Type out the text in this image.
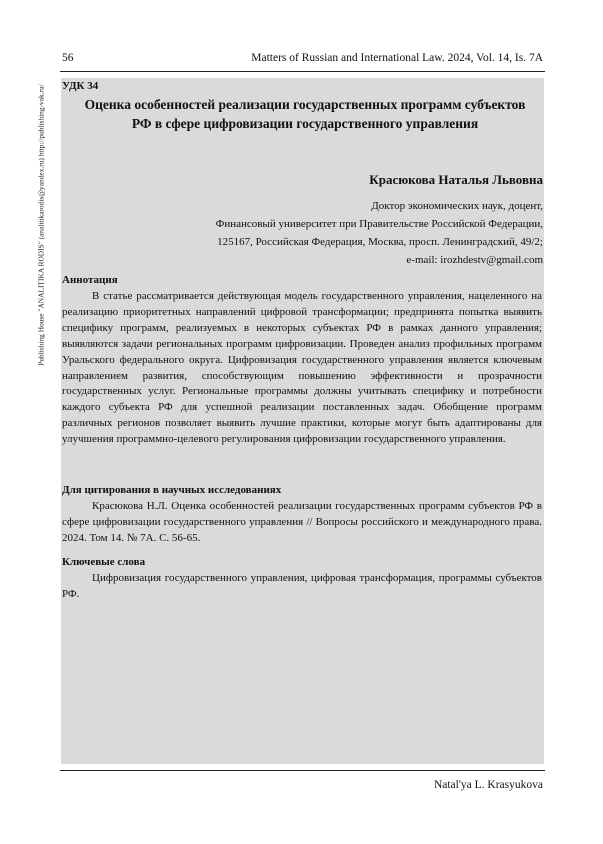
56	Matters of Russian and International Law. 2024, Vol. 14, Is. 7A
Publishing House "ANALITIKA RODIS" (analitikarodis@yandex.ru) http://publishing-vak.ru/ УДК 34
Оценка особенностей реализации государственных программ субъектов РФ в сфере цифровизации государственного управления
Красюкова Наталья Львовна
Доктор экономических наук, доцент,
Финансовый университет при Правительстве Российской Федерации,
125167, Российская Федерация, Москва, просп. Ленинградский, 49/2;
e-mail: irozhdestv@gmail.com
Аннотация
В статье рассматривается действующая модель государственного управления, нацеленного на реализацию приоритетных направлений цифровой трансформации; предпринята попытка выявить специфику программ, реализуемых в некоторых субъектах РФ в рамках данного управления; выявляются задачи региональных программ цифровизации. Проведен анализ профильных программ Уральского федерального округа. Цифровизация государственного управления является ключевым направлением развития, способствующим повышению эффективности и прозрачности государственных услуг. Региональные программы должны учитывать специфику и потребности каждого субъекта РФ для успешной реализации поставленных задач. Обобщение программ различных регионов позволяет выявить лучшие практики, которые могут быть адаптированы для улучшения программно-целевого регулирования цифровизации государственного управления.
Для цитирования в научных исследованиях
Красюкова Н.Л. Оценка особенностей реализации государственных программ субъектов РФ в сфере цифровизации государственного управления // Вопросы российского и международного права. 2024. Том 14. № 7А. С. 56-65.
Ключевые слова
Цифровизация государственного управления, цифровая трансформация, программы субъектов РФ.
Natal'ya L. Krasyukova
